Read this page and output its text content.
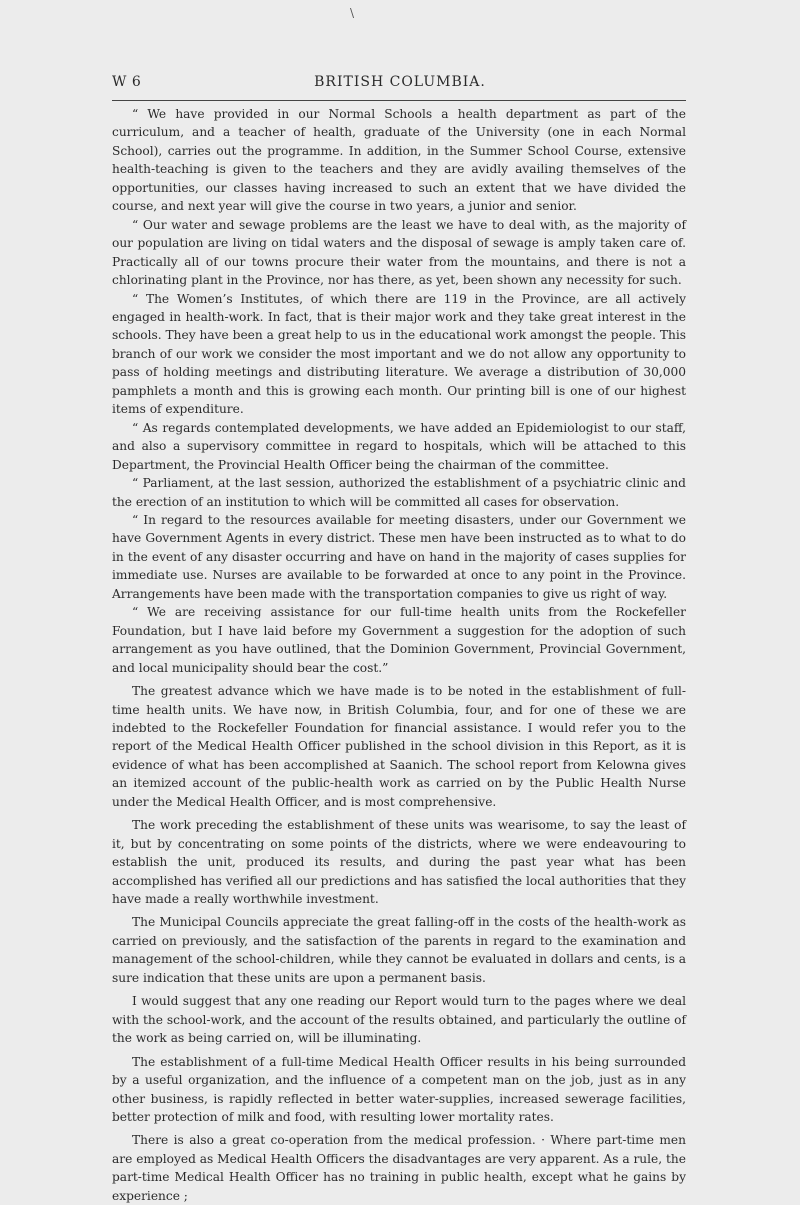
\
W 6	BRITISH COLUMBIA.

“ We have provided in our Normal Schools a health department as part of the curriculum, and a teacher of health, graduate of the University (one in each Normal School), carries out the programme. In addition, in the Summer School Course, extensive health-teaching is given to the teachers and they are avidly availing themselves of the opportunities, our classes having increased to such an extent that we have divided the course, and next year will give the course in two years, a junior and senior.

“ Our water and sewage problems are the least we have to deal with, as the majority of our population are living on tidal waters and the disposal of sewage is amply taken care of. Practically all of our towns procure their water from the mountains, and there is not a chlorinating plant in the Province, nor has there, as yet, been shown any necessity for such.

“ The Women’s Institutes, of which there are 119 in the Province, are all actively engaged in health-work. In fact, that is their major work and they take great interest in the schools. They have been a great help to us in the educational work amongst the people. This branch of our work we consider the most important and we do not allow any opportunity to pass of holding meetings and distributing literature. We average a distribution of 30,000 pamphlets a month and this is growing each month. Our printing bill is one of our highest items of expenditure.

“ As regards contemplated developments, we have added an Epidemiologist to our staff, and also a supervisory committee in regard to hospitals, which will be attached to this Department, the Provincial Health Officer being the chairman of the committee.

“ Parliament, at the last session, authorized the establishment of a psychiatric clinic and the erection of an institution to which will be committed all cases for observation.

“ In regard to the resources available for meeting disasters, under our Government we have Government Agents in every district. These men have been instructed as to what to do in the event of any disaster occurring and have on hand in the majority of cases supplies for immediate use. Nurses are available to be forwarded at once to any point in the Province. Arrangements have been made with the transportation companies to give us right of way.

“ We are receiving assistance for our full-time health units from the Rockefeller Foundation, but I have laid before my Government a suggestion for the adoption of such arrangement as you have outlined, that the Dominion Government, Provincial Government, and local municipality should bear the cost.”

The greatest advance which we have made is to be noted in the establishment of full-time health units. We have now, in British Columbia, four, and for one of these we are indebted to the Rockefeller Foundation for financial assistance. I would refer you to the report of the Medical Health Officer published in the school division in this Report, as it is evidence of what has been accomplished at Saanich. The school report from Kelowna gives an itemized account of the public-health work as carried on by the Public Health Nurse under the Medical Health Officer, and is most comprehensive.

The work preceding the establishment of these units was wearisome, to say the least of it, but by concentrating on some points of the districts, where we were endeavouring to establish the unit, produced its results, and during the past year what has been accomplished has verified all our predictions and has satisfied the local authorities that they have made a really worthwhile investment.

The Municipal Councils appreciate the great falling-off in the costs of the health-work as carried on previously, and the satisfaction of the parents in regard to the examination and management of the school-children, while they cannot be evaluated in dollars and cents, is a sure indication that these units are upon a permanent basis.

I would suggest that any one reading our Report would turn to the pages where we deal with the school-work, and the account of the results obtained, and particularly the outline of the work as being carried on, will be illuminating.

The establishment of a full-time Medical Health Officer results in his being surrounded by a useful organization, and the influence of a competent man on the job, just as in any other business, is rapidly reflected in better water-supplies, increased sewerage facilities, better protection of milk and food, with resulting lower mortality rates.

There is also a great co-operation from the medical profession. · Where part-time men are employed as Medical Health Officers the disadvantages are very apparent. As a rule, the part-time Medical Health Officer has no training in public health, except what he gains by experience ;
